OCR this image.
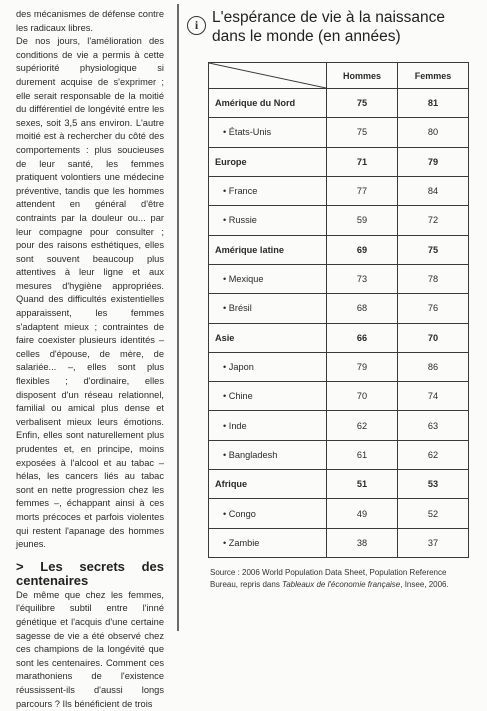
des mécanismes de défense contre les radicaux libres.

De nos jours, l'amélioration des conditions de vie a permis à cette supériorité physiologique si durement acquise de s'exprimer ; elle serait responsable de la moitié du différentiel de longévité entre les sexes, soit 3,5 ans environ. L'autre moitié est à rechercher du côté des comportements : plus soucieuses de leur santé, les femmes pratiquent volontiers une médecine préventive, tandis que les hommes attendent en général d'être contraints par la douleur ou... par leur compagne pour consulter ; pour des raisons esthétiques, elles sont souvent beaucoup plus attentives à leur ligne et aux mesures d'hygiène appropriées. Quand des difficultés existentielles apparaissent, les femmes s'adaptent mieux ; contraintes de faire coexister plusieurs identités – celles d'épouse, de mère, de salariée... –, elles sont plus flexibles ; d'ordinaire, elles disposent d'un réseau relationnel, familial ou amical plus dense et verbalisent mieux leurs émotions. Enfin, elles sont naturellement plus prudentes et, en principe, moins exposées à l'alcool et au tabac – hélas, les cancers liés au tabac sont en nette progression chez les femmes –, échappant ainsi à ces morts précoces et parfois violentes qui restent l'apanage des hommes jeunes.

> Les secrets des centenaires

De même que chez les femmes, l'équilibre subtil entre l'inné génétique et l'acquis d'une certaine sagesse de vie a été observé chez ces champions de la longévité que sont les centenaires. Comment ces marathoniens de l'existence réussissent-ils d'aussi longs parcours ? Ils bénéficient de trois

i L'espérance de vie à la naissance dans le monde (en années)
	Hommes	Femmes
Amérique du Nord	75	81
• États-Unis	75	80
Europe	71	79
• France	77	84
• Russie	59	72
Amérique latine	69	75
• Mexique	73	78
• Brésil	68	76
Asie	66	70
• Japon	79	86
• Chine	70	74
• Inde	62	63
• Bangladesh	61	62
Afrique	51	53
• Congo	49	52
• Zambie	38	37
Source : 2006 World Population Data Sheet, Population Reference Bureau, repris dans Tableaux de l'économie française, Insee, 2006.
